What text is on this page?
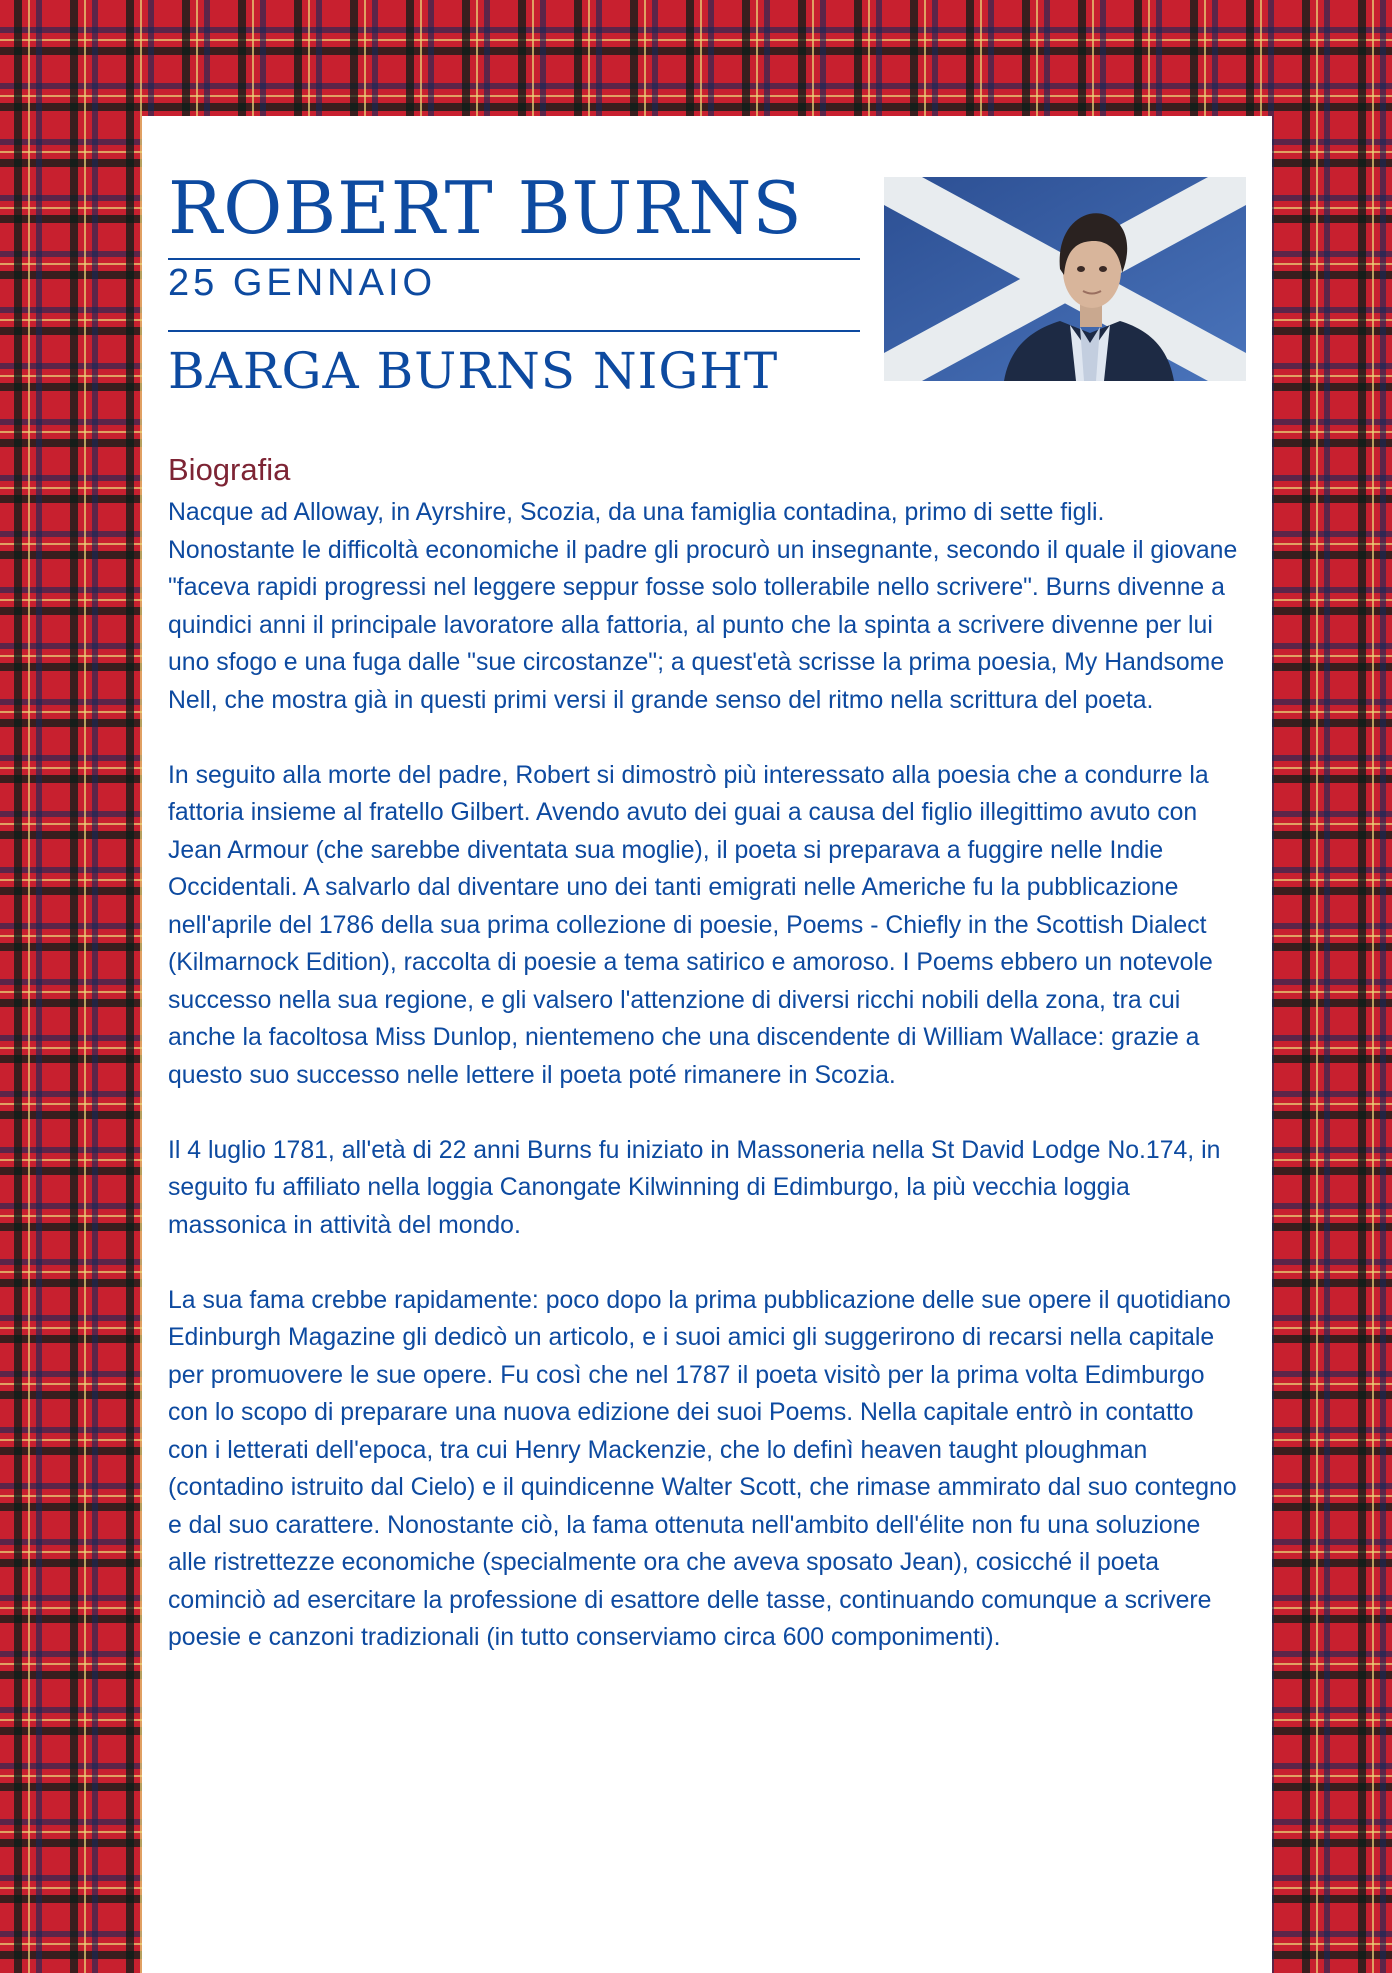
ROBERT BURNS
25 GENNAIO
BARGA BURNS NIGHT
Biografia

Nacque ad Alloway, in Ayrshire, Scozia, da una famiglia contadina, primo di sette figli. Nonostante le difficoltà economiche il padre gli procurò un insegnante, secondo il quale il giovane "faceva rapidi progressi nel leggere seppur fosse solo tollerabile nello scrivere". Burns divenne a quindici anni il principale lavoratore alla fattoria, al punto che la spinta a scrivere divenne per lui uno sfogo e una fuga dalle "sue circostanze"; a quest'età scrisse la prima poesia, My Handsome Nell, che mostra già in questi primi versi il grande senso del ritmo nella scrittura del poeta.

In seguito alla morte del padre, Robert si dimostrò più interessato alla poesia che a condurre la fattoria insieme al fratello Gilbert. Avendo avuto dei guai a causa del figlio illegittimo avuto con Jean Armour (che sarebbe diventata sua moglie), il poeta si preparava a fuggire nelle Indie Occidentali. A salvarlo dal diventare uno dei tanti emigrati nelle Americhe fu la pubblicazione nell'aprile del 1786 della sua prima collezione di poesie, Poems - Chiefly in the Scottish Dialect (Kilmarnock Edition), raccolta di poesie a tema satirico e amoroso. I Poems ebbero un notevole successo nella sua regione, e gli valsero l'attenzione di diversi ricchi nobili della zona, tra cui anche la facoltosa Miss Dunlop, nientemeno che una discendente di William Wallace: grazie a questo suo successo nelle lettere il poeta poté rimanere in Scozia.

Il 4 luglio 1781, all'età di 22 anni Burns fu iniziato in Massoneria nella St David Lodge No.174, in seguito fu affiliato nella loggia Canongate Kilwinning di Edimburgo, la più vecchia loggia massonica in attività del mondo.

La sua fama crebbe rapidamente: poco dopo la prima pubblicazione delle sue opere il quotidiano Edinburgh Magazine gli dedicò un articolo, e i suoi amici gli suggerirono di recarsi nella capitale per promuovere le sue opere. Fu così che nel 1787 il poeta visitò per la prima volta Edimburgo con lo scopo di preparare una nuova edizione dei suoi Poems. Nella capitale entrò in contatto con i letterati dell'epoca, tra cui Henry Mackenzie, che lo definì heaven taught ploughman (contadino istruito dal Cielo) e il quindicenne Walter Scott, che rimase ammirato dal suo contegno e dal suo carattere. Nonostante ciò, la fama ottenuta nell'ambito dell'élite non fu una soluzione alle ristrettezze economiche (specialmente ora che aveva sposato Jean), cosicché il poeta cominciò ad esercitare la professione di esattore delle tasse, continuando comunque a scrivere poesie e canzoni tradizionali (in tutto conserviamo circa 600 componimenti).
